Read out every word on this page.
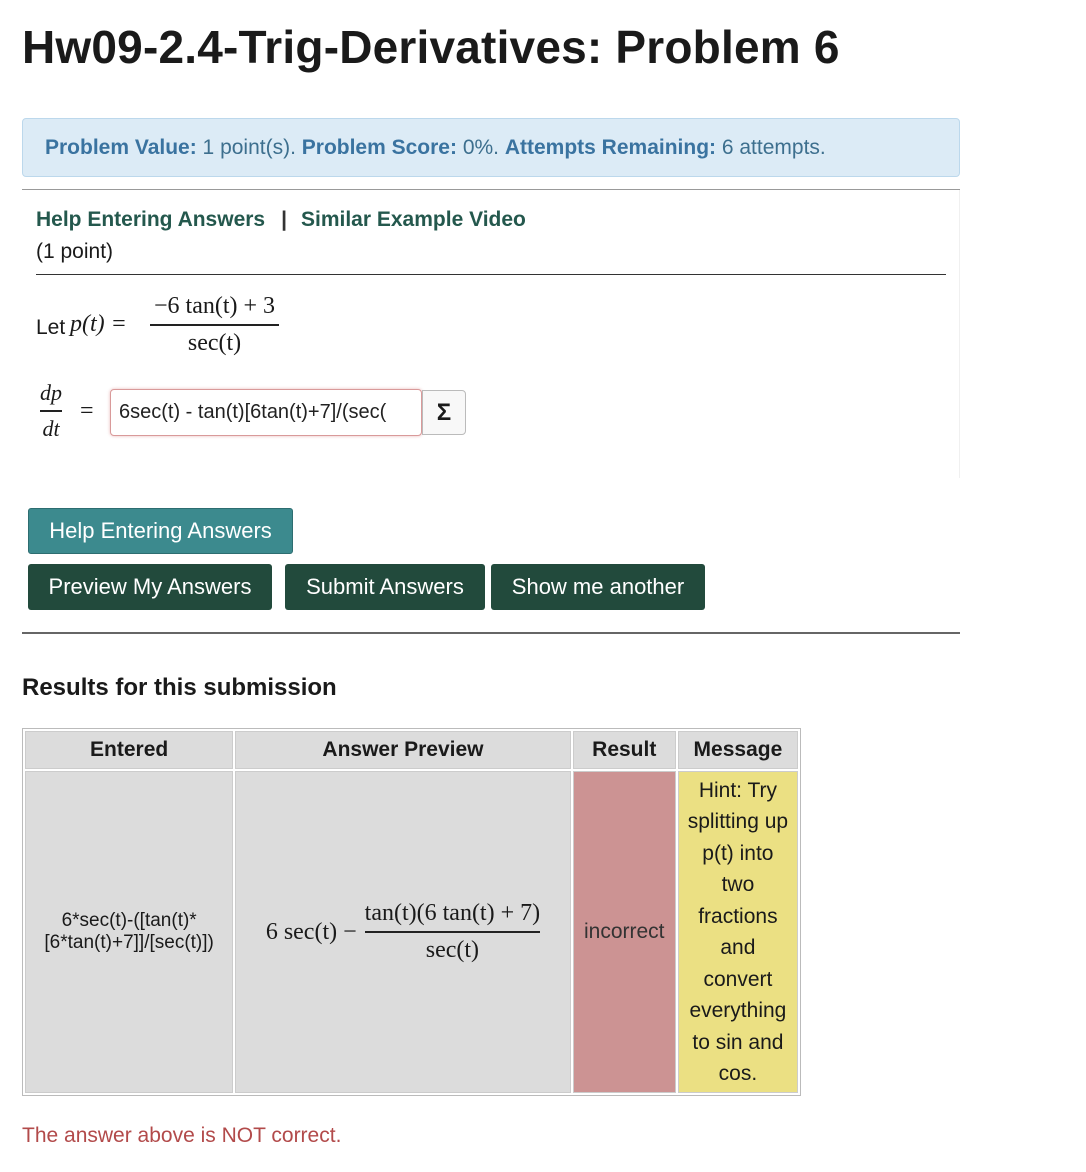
Hw09-2.4-Trig-Derivatives: Problem 6
Problem Value: 1 point(s). Problem Score: 0%. Attempts Remaining: 6 attempts.
Help Entering Answers | Similar Example Video
(1 point)
Let p(t) =
−6 tan(t) + 3
sec(t)
dp
dt
=
6sec(t) - tan(t)[6tan(t)+7]/(sec(	Σ
Help Entering Answers
Preview My Answers	Submit Answers	Show me another
Results for this submission
Entered	Answer Preview	Result	Message
6*sec(t)-([tan(t)*[6*tan(t)+7]]/[sec(t)])	6 $\sec(t) - \frac{\tan(t)(6 \tan(t) + 7)}{\sec(t)}$	incorrect	Hint: Try splitting up p(t) into two fractions and convert everything to sin and cos.
The answer above is NOT correct.
